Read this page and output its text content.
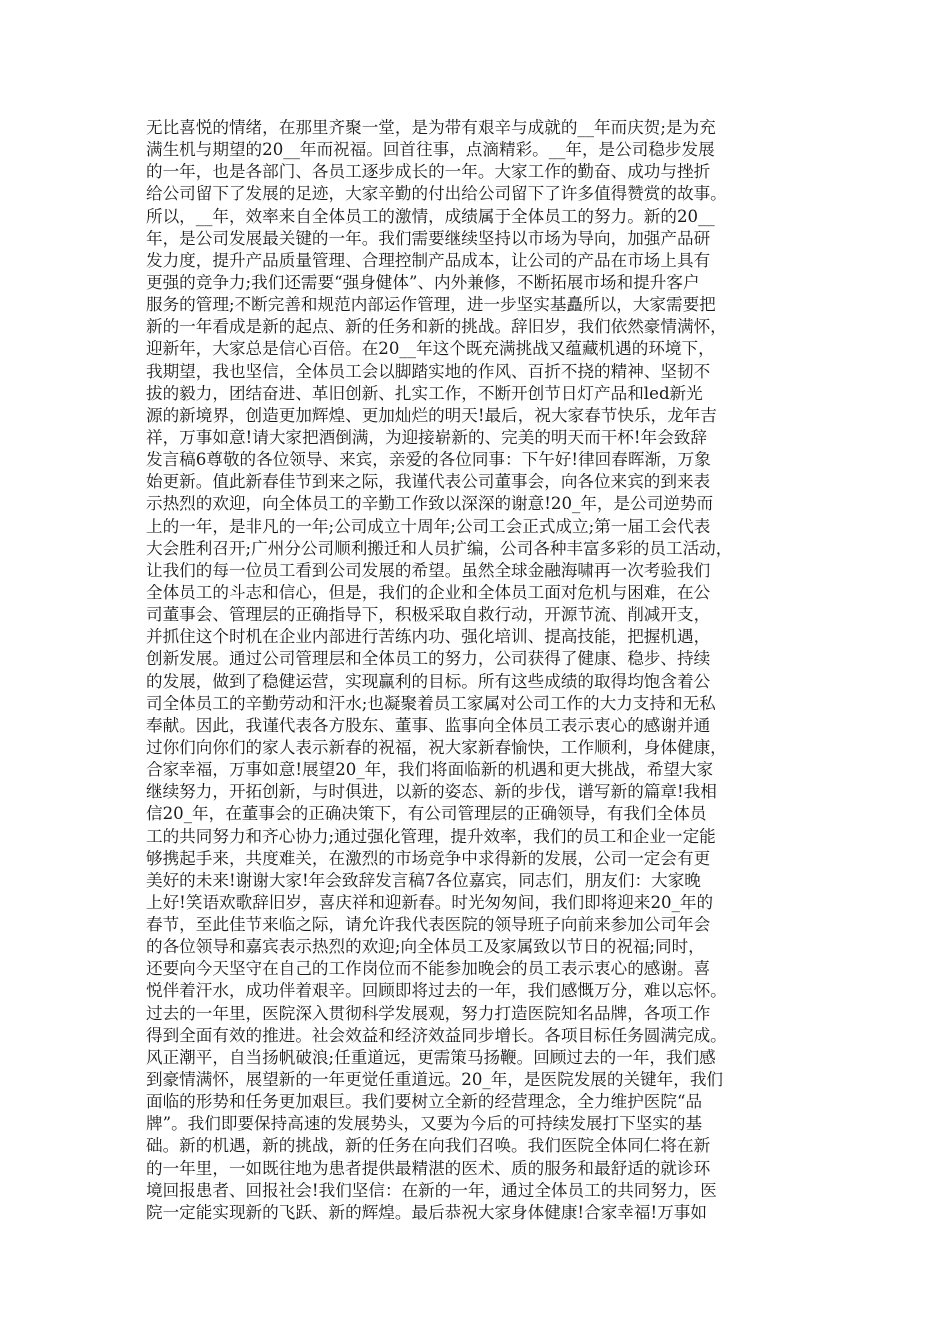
无比喜悦的情绪，在那里齐聚一堂，是为带有艰辛与成就的__年而庆贺;是为充
满生机与期望的20__年而祝福。回首往事，点滴精彩。__年，是公司稳步发展
的一年，也是各部门、各员工逐步成长的一年。大家工作的勤奋、成功与挫折
给公司留下了发展的足迹，大家辛勤的付出给公司留下了许多值得赞赏的故事。
所以，__年，效率来自全体员工的激情，成绩属于全体员工的努力。新的20__
年，是公司发展最关键的一年。我们需要继续坚持以市场为导向，加强产品研
发力度，提升产品质量管理、合理控制产品成本，让公司的产品在市场上具有
更强的竞争力;我们还需要“强身健体”、内外兼修，不断拓展市场和提升客户
服务的管理;不断完善和规范内部运作管理，进一步坚实基矗所以，大家需要把
新的一年看成是新的起点、新的任务和新的挑战。辞旧岁，我们依然豪情满怀，
迎新年，大家总是信心百倍。在20__年这个既充满挑战又蕴藏机遇的环境下，
我期望，我也坚信，全体员工会以脚踏实地的作风、百折不挠的精神、坚韧不
拔的毅力，团结奋进、革旧创新、扎实工作，不断开创节日灯产品和led新光
源的新境界，创造更加辉煌、更加灿烂的明天!最后，祝大家春节快乐，龙年吉
祥，万事如意!请大家把酒倒满，为迎接崭新的、完美的明天而干杯!年会致辞
发言稿6尊敬的各位领导、来宾，亲爱的各位同事：下午好!律回春晖渐，万象
始更新。值此新春佳节到来之际，我谨代表公司董事会，向各位来宾的到来表
示热烈的欢迎，向全体员工的辛勤工作致以深深的谢意!20_年，是公司逆势而
上的一年，是非凡的一年;公司成立十周年;公司工会正式成立;第一届工会代表
大会胜利召开;广州分公司顺利搬迁和人员扩编，公司各种丰富多彩的员工活动，
让我们的每一位员工看到公司发展的希望。虽然全球金融海啸再一次考验我们
全体员工的斗志和信心，但是，我们的企业和全体员工面对危机与困难，在公
司董事会、管理层的正确指导下，积极采取自救行动，开源节流、削减开支，
并抓住这个时机在企业内部进行苦练内功、强化培训、提高技能，把握机遇，
创新发展。通过公司管理层和全体员工的努力，公司获得了健康、稳步、持续
的发展，做到了稳健运营，实现赢利的目标。所有这些成绩的取得均饱含着公
司全体员工的辛勤劳动和汗水;也凝聚着员工家属对公司工作的大力支持和无私
奉献。因此，我谨代表各方股东、董事、监事向全体员工表示衷心的感谢并通
过你们向你们的家人表示新春的祝福，祝大家新春愉快，工作顺利，身体健康，
合家幸福，万事如意!展望20_年，我们将面临新的机遇和更大挑战，希望大家
继续努力，开拓创新，与时俱进，以新的姿态、新的步伐，谱写新的篇章!我相
信20_年，在董事会的正确决策下，有公司管理层的正确领导，有我们全体员
工的共同努力和齐心协力;通过强化管理，提升效率，我们的员工和企业一定能
够携起手来，共度难关，在激烈的市场竞争中求得新的发展，公司一定会有更
美好的未来!谢谢大家!年会致辞发言稿7各位嘉宾，同志们，朋友们：大家晚
上好!笑语欢歌辞旧岁，喜庆祥和迎新春。时光匆匆间，我们即将迎来20_年的
春节，至此佳节来临之际，请允许我代表医院的领导班子向前来参加公司年会
的各位领导和嘉宾表示热烈的欢迎;向全体员工及家属致以节日的祝福;同时，
还要向今天坚守在自己的工作岗位而不能参加晚会的员工表示衷心的感谢。喜
悦伴着汗水，成功伴着艰辛。回顾即将过去的一年，我们感慨万分，难以忘怀。
过去的一年里，医院深入贯彻科学发展观，努力打造医院知名品牌，各项工作
得到全面有效的推进。社会效益和经济效益同步增长。各项目标任务圆满完成。
风正潮平，自当扬帆破浪;任重道远，更需策马扬鞭。回顾过去的一年，我们感
到豪情满怀，展望新的一年更觉任重道远。20_年，是医院发展的关键年，我们
面临的形势和任务更加艰巨。我们要树立全新的经营理念，全力维护医院“品
牌”。我们即要保持高速的发展势头，又要为今后的可持续发展打下坚实的基
础。新的机遇，新的挑战，新的任务在向我们召唤。我们医院全体同仁将在新
的一年里，一如既往地为患者提供最精湛的医术、质的服务和最舒适的就诊环
境回报患者、回报社会!我们坚信：在新的一年，通过全体员工的共同努力，医
院一定能实现新的飞跃、新的辉煌。最后恭祝大家身体健康!合家幸福!万事如
